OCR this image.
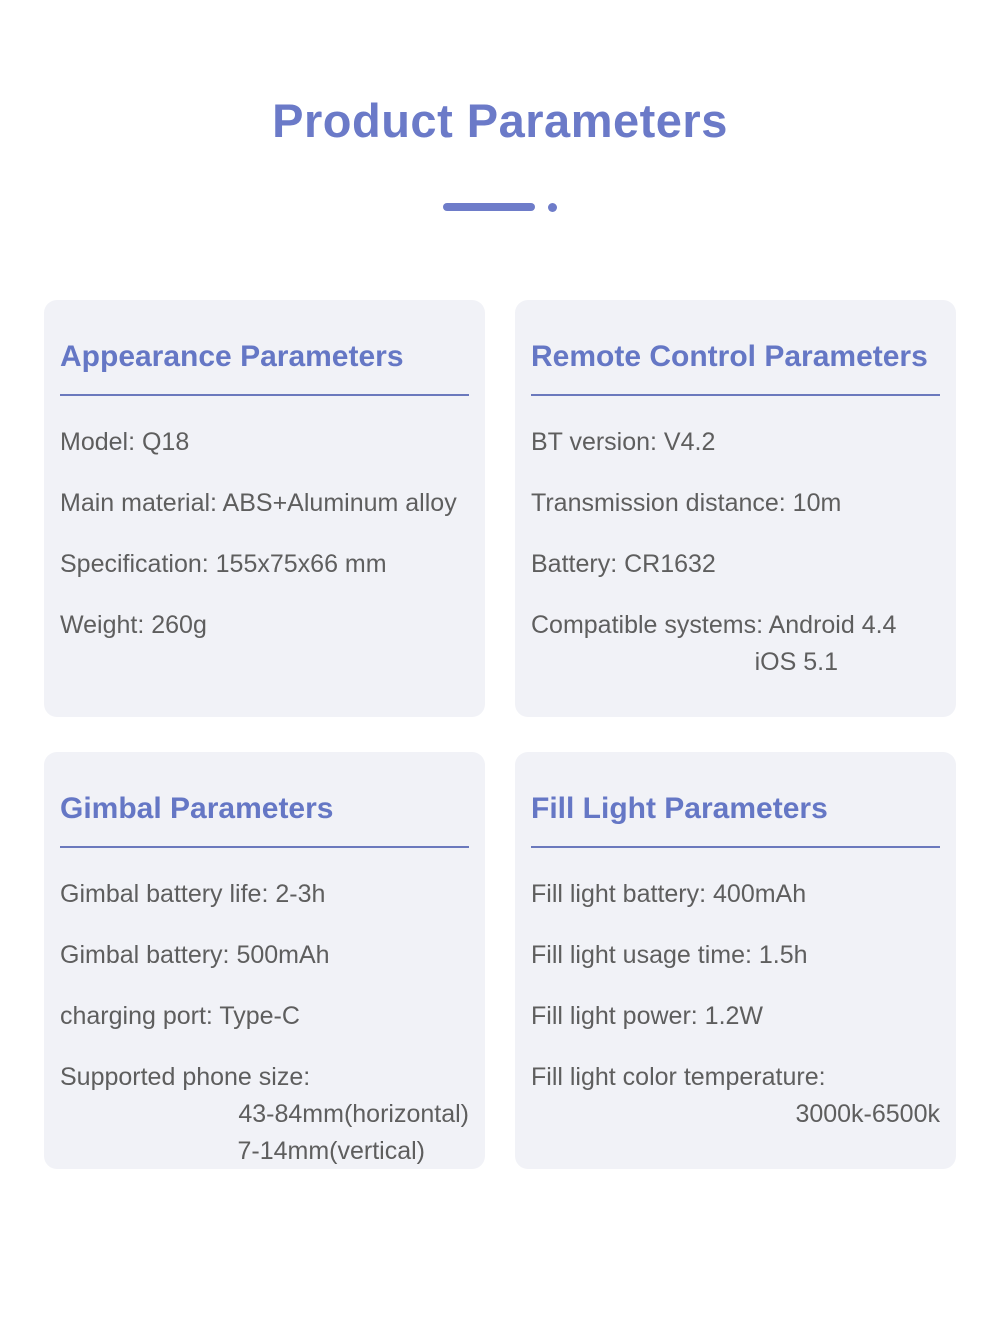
Product Parameters
Appearance Parameters
Model: Q18
Main material: ABS+Aluminum alloy
Specification: 155x75x66 mm
Weight: 260g
Remote Control Parameters
BT version: V4.2
Transmission distance: 10m
Battery: CR1632
Compatible systems: Android 4.4
iOS 5.1
Gimbal Parameters
Gimbal battery life: 2-3h
Gimbal battery: 500mAh
charging port: Type-C
Supported phone size:
43-84mm(horizontal)
7-14mm(vertical)
Fill Light Parameters
Fill light battery: 400mAh
Fill light usage time: 1.5h
Fill light power: 1.2W
Fill light color temperature:
3000k-6500k
